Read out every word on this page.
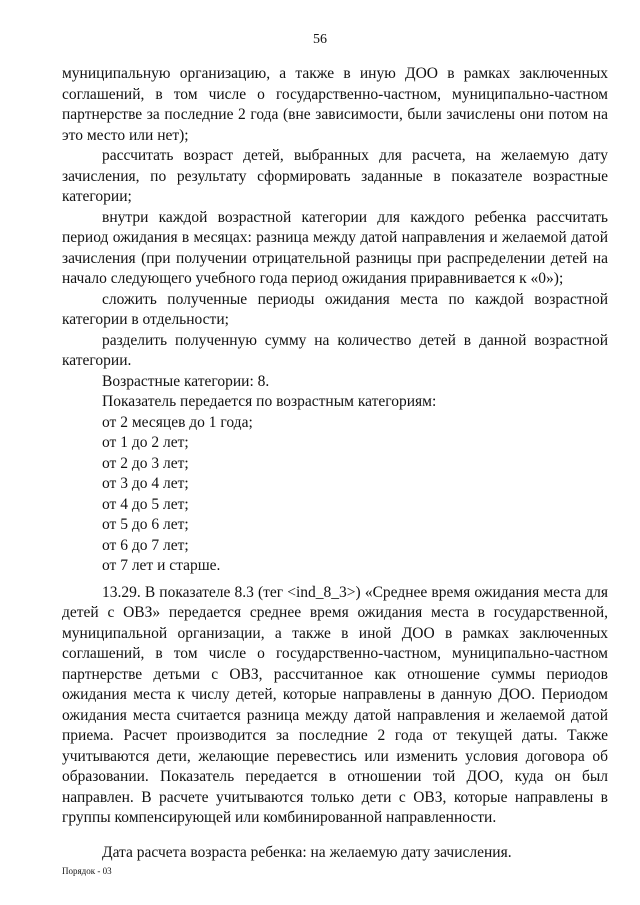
56

муниципальную организацию, а также в иную ДОО в рамках заключенных соглашений, в том числе о государственно-частном, муниципально-частном партнерстве за последние 2 года (вне зависимости, были зачислены они потом на это место или нет);

рассчитать возраст детей, выбранных для расчета, на желаемую дату зачисления, по результату сформировать заданные в показателе возрастные категории;

внутри каждой возрастной категории для каждого ребенка рассчитать период ожидания в месяцах: разница между датой направления и желаемой датой зачисления (при получении отрицательной разницы при распределении детей на начало следующего учебного года период ожидания приравнивается к «0»);

сложить полученные периоды ожидания места по каждой возрастной категории в отдельности;

разделить полученную сумму на количество детей в данной возрастной категории.

Возрастные категории: 8.

Показатель передается по возрастным категориям:

от 2 месяцев до 1 года;

от 1 до 2 лет;

от 2 до 3 лет;

от 3 до 4 лет;

от 4 до 5 лет;

от 5 до 6 лет;

от 6 до 7 лет;

от 7 лет и старше.

13.29. В показателе 8.3 (тег <ind_8_3>) «Среднее время ожидания места для детей с ОВЗ» передается среднее время ожидания места в государственной, муниципальной организации, а также в иной ДОО в рамках заключенных соглашений, в том числе о государственно-частном, муниципально-частном партнерстве детьми с ОВЗ, рассчитанное как отношение суммы периодов ожидания места к числу детей, которые направлены в данную ДОО. Периодом ожидания места считается разница между датой направления и желаемой датой приема. Расчет производится за последние 2 года от текущей даты. Также учитываются дети, желающие перевестись или изменить условия договора об образовании. Показатель передается в отношении той ДОО, куда он был направлен. В расчете учитываются только дети с ОВЗ, которые направлены в группы компенсирующей или комбинированной направленности.

Дата расчета возраста ребенка: на желаемую дату зачисления.

Порядок - 03
